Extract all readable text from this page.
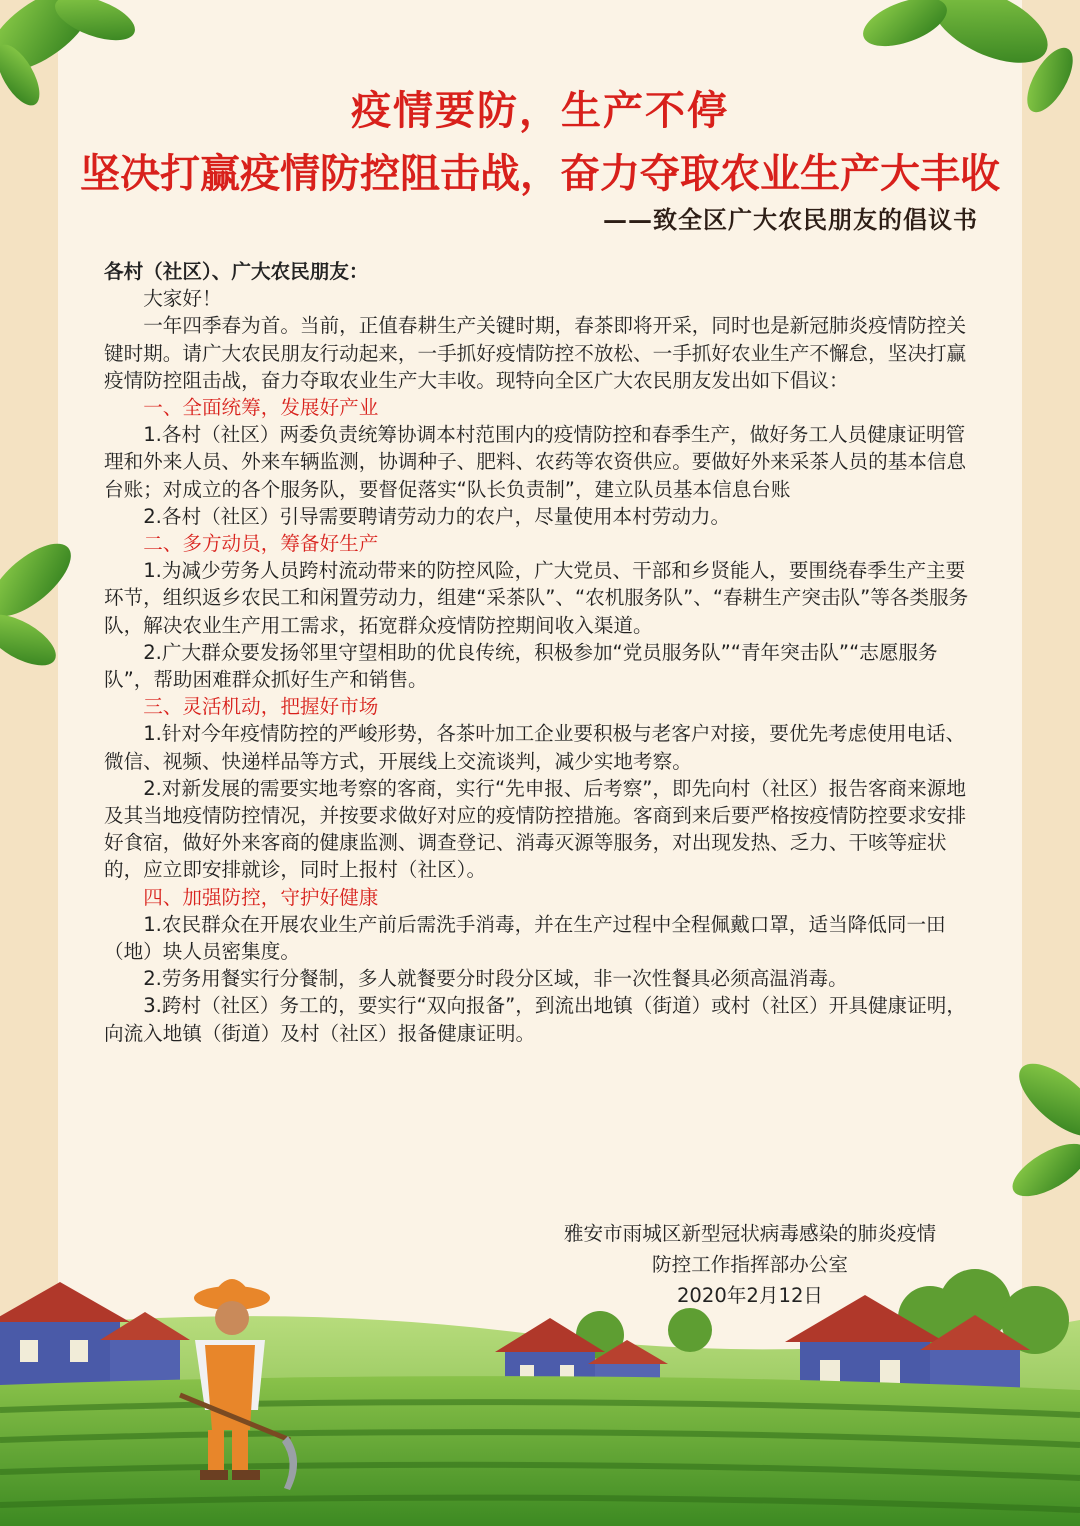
疫情要防，生产不停
坚决打赢疫情防控阻击战，奋力夺取农业生产大丰收
——致全区广大农民朋友的倡议书

各村（社区）、广大农民朋友：

大家好！

一年四季春为首。当前，正值春耕生产关键时期，春茶即将开采，同时也是新冠肺炎疫情防控关键时期。请广大农民朋友行动起来，一手抓好疫情防控不放松、一手抓好农业生产不懈怠，坚决打赢疫情防控阻击战，奋力夺取农业生产大丰收。现特向全区广大农民朋友发出如下倡议：

一、全面统筹，发展好产业

1.各村（社区）两委负责统筹协调本村范围内的疫情防控和春季生产，做好务工人员健康证明管理和外来人员、外来车辆监测，协调种子、肥料、农药等农资供应。要做好外来采茶人员的基本信息台账；对成立的各个服务队，要督促落实“队长负责制”，建立队员基本信息台账

2.各村（社区）引导需要聘请劳动力的农户，尽量使用本村劳动力。

二、多方动员，筹备好生产

1.为减少劳务人员跨村流动带来的防控风险，广大党员、干部和乡贤能人，要围绕春季生产主要环节，组织返乡农民工和闲置劳动力，组建“采茶队”、“农机服务队”、“春耕生产突击队”等各类服务队，解决农业生产用工需求，拓宽群众疫情防控期间收入渠道。

2.广大群众要发扬邻里守望相助的优良传统，积极参加“党员服务队”“青年突击队”“志愿服务队”，帮助困难群众抓好生产和销售。

三、灵活机动，把握好市场

1.针对今年疫情防控的严峻形势，各茶叶加工企业要积极与老客户对接，要优先考虑使用电话、微信、视频、快递样品等方式，开展线上交流谈判，减少实地考察。

2.对新发展的需要实地考察的客商，实行“先申报、后考察”，即先向村（社区）报告客商来源地及其当地疫情防控情况，并按要求做好对应的疫情防控措施。客商到来后要严格按疫情防控要求安排好食宿，做好外来客商的健康监测、调查登记、消毒灭源等服务，对出现发热、乏力、干咳等症状的，应立即安排就诊，同时上报村（社区）。

四、加强防控，守护好健康

1.农民群众在开展农业生产前后需洗手消毒，并在生产过程中全程佩戴口罩，适当降低同一田（地）块人员密集度。

2.劳务用餐实行分餐制，多人就餐要分时段分区域，非一次性餐具必须高温消毒。

3.跨村（社区）务工的，要实行“双向报备”，到流出地镇（街道）或村（社区）开具健康证明，向流入地镇（街道）及村（社区）报备健康证明。

雅安市雨城区新型冠状病毒感染的肺炎疫情
防控工作指挥部办公室
2020年2月12日
